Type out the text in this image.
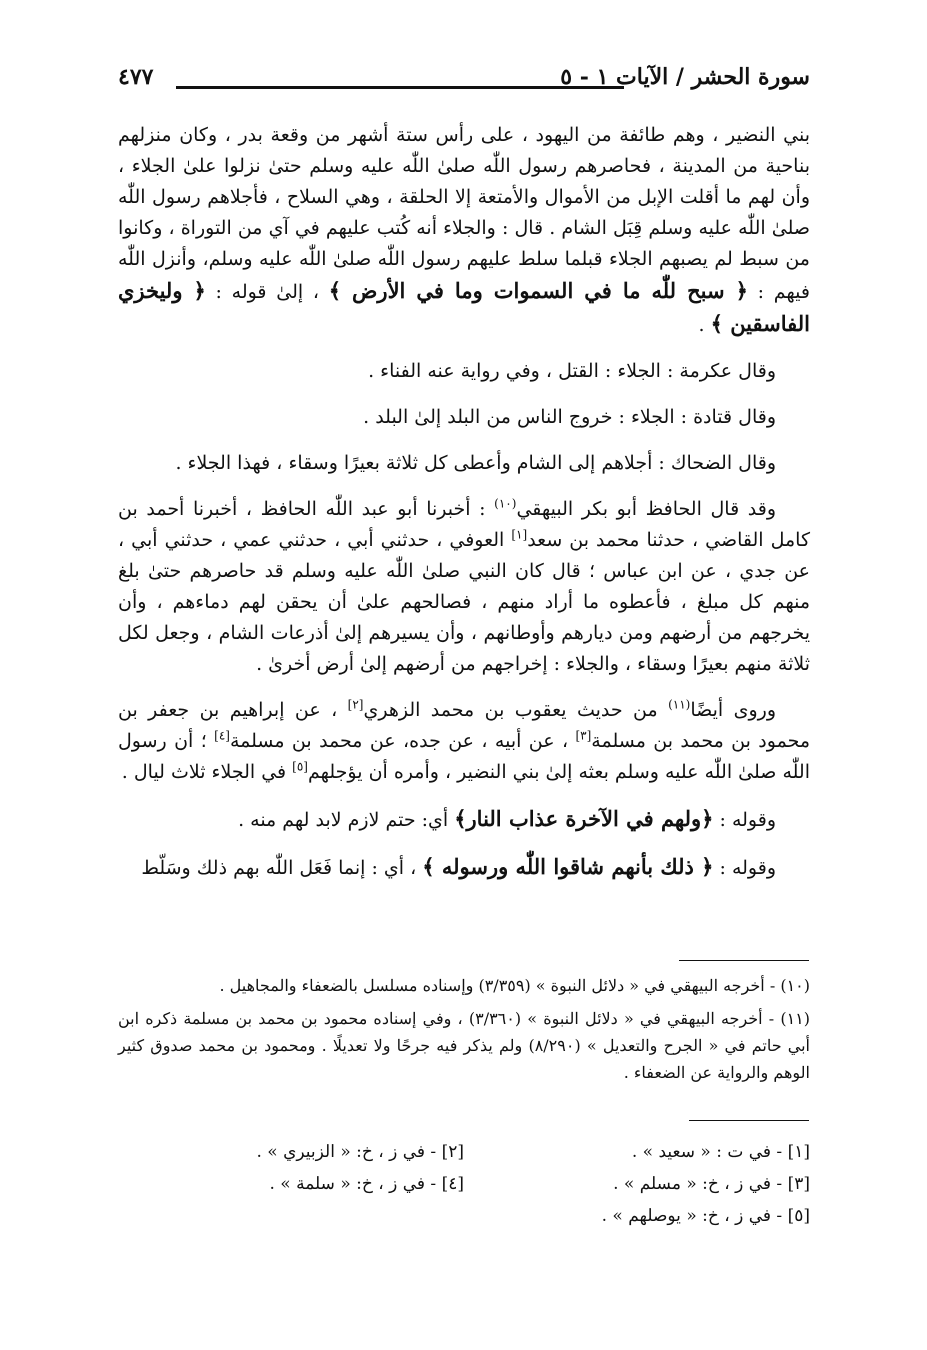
سورة الحشر / الآيات ١ - ٥
٤٧٧

بني النضير ، وهم طائفة من اليهود ، على رأس ستة أشهر من وقعة بدر ، وكان منزلهم بناحية من المدينة ، فحاصرهم رسول اللّٰه صلىٰ اللّٰه عليه وسلم حتىٰ نزلوا علىٰ الجلاء ، وأن لهم ما أقلت الإبل من الأموال والأمتعة إلا الحلقة ، وهي السلاح ، فأجلاهم رسول اللّٰه صلىٰ اللّٰه عليه وسلم قِبَل الشام . قال : والجلاء أنه كُتب عليهم في آي من التوراة ، وكانوا من سبط لم يصبهم الجلاء قبلما سلط عليهم رسول اللّٰه صلىٰ اللّٰه عليه وسلم، وأنزل اللّٰه فيهم : ﴿ سبح للّٰه ما في السموات وما في الأرض ﴾ ، إلىٰ قوله : ﴿ وليخزي الفاسقين ﴾ .

وقال عكرمة : الجلاء : القتل ، وفي رواية عنه الفناء .

وقال قتادة : الجلاء : خروج الناس من البلد إلىٰ البلد .

وقال الضحاك : أجلاهم إلى الشام وأعطى كل ثلاثة بعيرًا وسقاء ، فهذا الجلاء .

وقد قال الحافظ أبو بكر البيهقي$^{(١٠)}$ : أخبرنا أبو عبد اللّٰه الحافظ ، أخبرنا أحمد بن كامل القاضي ، حدثنا محمد بن سعد[١] العوفي ، حدثني أبي ، حدثني عمي ، حدثني أبي ، عن جدي ، عن ابن عباس ؛ قال كان النبي صلىٰ اللّٰه عليه وسلم قد حاصرهم حتىٰ بلغ منهم كل مبلغ ، فأعطوه ما أراد منهم ، فصالحهم علىٰ أن يحقن لهم دماءهم ، وأن يخرجهم من أرضهم ومن ديارهم وأوطانهم ، وأن يسيرهم إلىٰ أذرعات الشام ، وجعل لكل ثلاثة منهم بعيرًا وسقاء ، والجلاء : إخراجهم من أرضهم إلىٰ أرض أخرىٰ .

وروى أيضًا$^{(١١)}$ من حديث يعقوب بن محمد الزهري[٢] ، عن إبراهيم بن جعفر بن محمود بن محمد بن مسلمة[٣] ، عن أبيه ، عن جده، عن محمد بن مسلمة[٤] ؛ أن رسول اللّٰه صلىٰ اللّٰه عليه وسلم بعثه إلىٰ بني النضير ، وأمره أن يؤجلهم[٥] في الجلاء ثلاث ليال .

وقوله : ﴿ولهم في الآخرة عذاب النار﴾ أي: حتم لازم لابد لهم منه .

وقوله : ﴿ ذلك بأنهم شاقوا اللّٰه ورسوله ﴾ ، أي : إنما فَعَل اللّٰه بهم ذلك وسَلّط

(١٠) - أخرجه البيهقي في « دلائل النبوة » (٣/٣٥٩) وإسناده مسلسل بالضعفاء والمجاهيل .

(١١) - أخرجه البيهقي في « دلائل النبوة » (٣/٣٦٠) ، وفي إسناده محمود بن محمد بن مسلمة ذكره ابن أبي حاتم في « الجرح والتعديل » (٨/٢٩٠) ولم يذكر فيه جرحًا ولا تعديلًا . ومحمود بن محمد صدوق كثير الوهم والرواية عن الضعفاء .

[١] - في ت : « سعيد » .
[٢] - في ز ، خ: « الزبيري » .
[٣] - في ز ، خ: « مسلم » .
[٤] - في ز ، خ: « سلمة » .
[٥] - في ز ، خ: « يوصلهم » .
